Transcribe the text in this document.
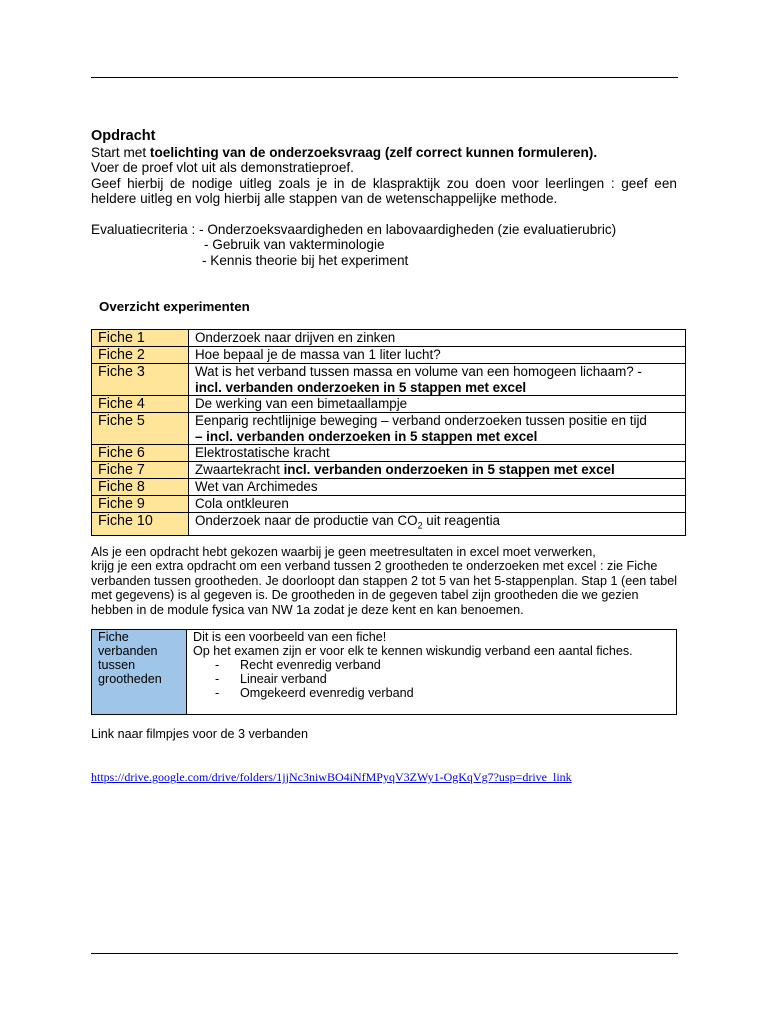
Opdracht

Start met toelichting van de onderzoeksvraag (zelf correct kunnen formuleren).

Voer de proef vlot uit als demonstratieproef.

Geef hierbij de nodige uitleg zoals je in de klaspraktijk zou doen voor leerlingen : geef een heldere uitleg en volg hierbij alle stappen van de wetenschappelijke methode.

Evaluatiecriteria : - Onderzoeksvaardigheden en labovaardigheden (zie evaluatierubric)
- Gebruik van vakterminologie
- Kennis theorie bij het experiment
Overzicht experimenten
Fiche 1	Onderzoek naar drijven en zinken
Fiche 2	Hoe bepaal je de massa van 1 liter lucht?
Fiche 3	Wat is het verband tussen massa en volume van een homogeen lichaam? -
incl. verbanden onderzoeken in 5 stappen met excel
Fiche 4	De werking van een bimetaallampje
Fiche 5	Eenparig rechtlijnige beweging – verband onderzoeken tussen positie en tijd
– incl. verbanden onderzoeken in 5 stappen met excel
Fiche 6	Elektrostatische kracht
Fiche 7	Zwaartekracht incl. verbanden onderzoeken in 5 stappen met excel
Fiche 8	Wet van Archimedes
Fiche 9	Cola ontkleuren
Fiche 10	Onderzoek naar de productie van $CO_2$ uit reagentia

Als je een opdracht hebt gekozen waarbij je geen meetresultaten in excel moet verwerken,

krijg je een extra opdracht om een verband tussen 2 grootheden te onderzoeken met excel : zie Fiche verbanden tussen grootheden. Je doorloopt dan stappen 2 tot 5 van het 5-stappenplan. Stap 1 (een tabel met gegevens) is al gegeven is. De grootheden in de gegeven tabel zijn grootheden die we gezien hebben in de module fysica van NW 1a zodat je deze kent en kan benoemen.

Fiche verbanden tussen grootheden	
Dit is een voorbeeld van een fiche!
Op het examen zijn er voor elk te kennen wiskundig verband een aantal fiches.
-	Recht evenredig verband
-	Lineair verband
-	Omgekeerd evenredig verband
Link naar filmpjes voor de 3 verbanden
https://drive.google.com/drive/folders/1jjNc3niwBO4iNfMPyqV3ZWy1-OgKqVg7?usp=drive_link
